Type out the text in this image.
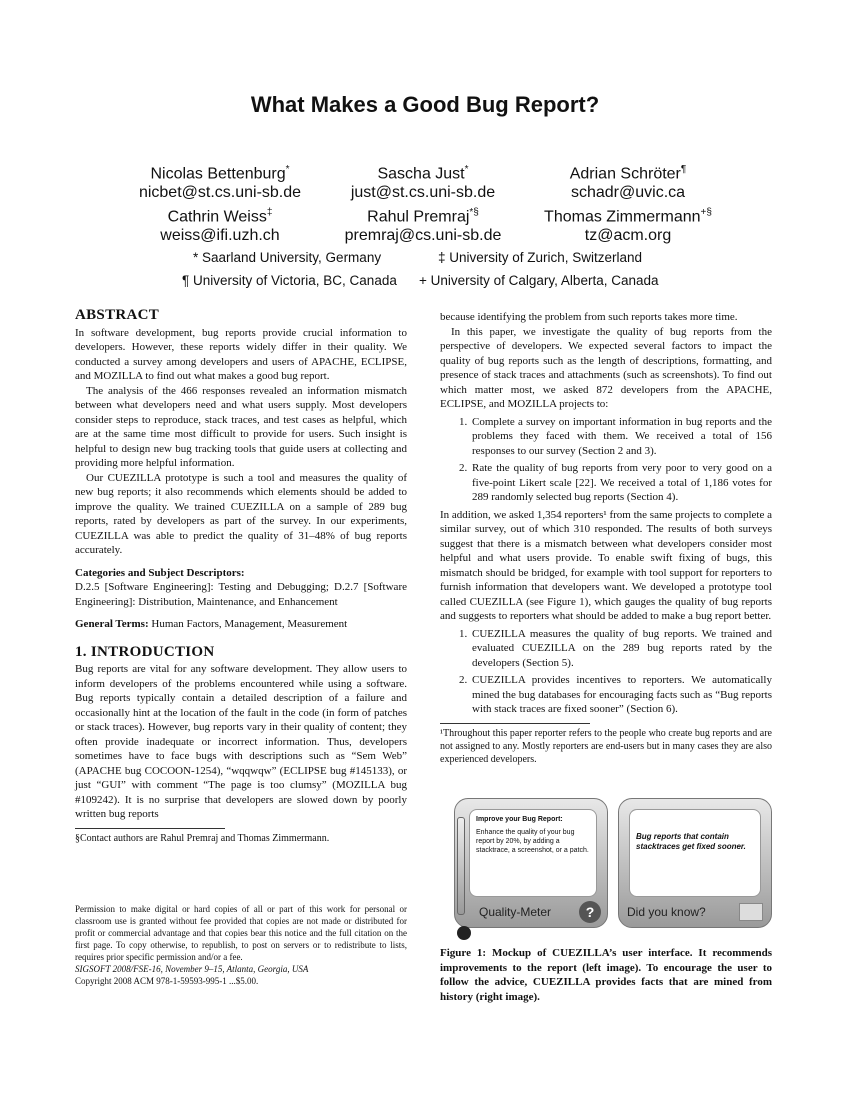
What Makes a Good Bug Report?
Nicolas Bettenburg*
nicbet@st.cs.uni-sb.de
Sascha Just*
just@st.cs.uni-sb.de
Adrian Schröter¶
schadr@uvic.ca
Cathrin Weiss‡
weiss@ifi.uzh.ch
Rahul Premraj*§
premraj@cs.uni-sb.de
Thomas Zimmermann+§
tz@acm.org
* Saarland University, Germany	‡ University of Zurich, Switzerland
¶ University of Victoria, BC, Canada + University of Calgary, Alberta, Canada
ABSTRACT

In software development, bug reports provide crucial information to developers. However, these reports widely differ in their quality. We conducted a survey among developers and users of APACHE, ECLIPSE, and MOZILLA to find out what makes a good bug report.

The analysis of the 466 responses revealed an information mismatch between what developers need and what users supply. Most developers consider steps to reproduce, stack traces, and test cases as helpful, which are at the same time most difficult to provide for users. Such insight is helpful to design new bug tracking tools that guide users at collecting and providing more helpful information.

Our CUEZILLA prototype is such a tool and measures the quality of new bug reports; it also recommends which elements should be added to improve the quality. We trained CUEZILLA on a sample of 289 bug reports, rated by developers as part of the survey. In our experiments, CUEZILLA was able to predict the quality of 31–48% of bug reports accurately.

Categories and Subject Descriptors:

D.2.5 [Software Engineering]: Testing and Debugging; D.2.7 [Software Engineering]: Distribution, Maintenance, and Enhancement

General Terms: Human Factors, Management, Measurement

1. INTRODUCTION

Bug reports are vital for any software development. They allow users to inform developers of the problems encountered while using a software. Bug reports typically contain a detailed description of a failure and occasionally hint at the location of the fault in the code (in form of patches or stack traces). However, bug reports vary in their quality of content; they often provide inadequate or incorrect information. Thus, developers sometimes have to face bugs with descriptions such as “Sem Web” (APACHE bug COCOON-1254), “wqqwqw” (ECLIPSE bug #145133), or just “GUI” with comment “The page is too clumsy” (MOZILLA bug #109242). It is no surprise that developers are slowed down by poorly written bug reports

§Contact authors are Rahul Premraj and Thomas Zimmermann.

Permission to make digital or hard copies of all or part of this work for personal or classroom use is granted without fee provided that copies are not made or distributed for profit or commercial advantage and that copies bear this notice and the full citation on the first page. To copy otherwise, to republish, to post on servers or to redistribute to lists, requires prior specific permission and/or a fee.

SIGSOFT 2008/FSE-16, November 9–15, Atlanta, Georgia, USA

Copyright 2008 ACM 978-1-59593-995-1 ...$5.00.

because identifying the problem from such reports takes more time.

In this paper, we investigate the quality of bug reports from the perspective of developers. We expected several factors to impact the quality of bug reports such as the length of descriptions, formatting, and presence of stack traces and attachments (such as screenshots). To find out which matter most, we asked 872 developers from the APACHE, ECLIPSE, and MOZILLA projects to:

1. Complete a survey on important information in bug reports and the problems they faced with them. We received a total of 156 responses to our survey (Section 2 and 3).
2. Rate the quality of bug reports from very poor to very good on a five-point Likert scale [22]. We received a total of 1,186 votes for 289 randomly selected bug reports (Section 4).

In addition, we asked 1,354 reporters¹ from the same projects to complete a similar survey, out of which 310 responded. The results of both surveys suggest that there is a mismatch between what developers consider most helpful and what users provide. To enable swift fixing of bugs, this mismatch should be bridged, for example with tool support for reporters to furnish information that developers want. We developed a prototype tool called CUEZILLA (see Figure 1), which gauges the quality of bug reports and suggests to reporters what should be added to make a bug report better.

1. CUEZILLA measures the quality of bug reports. We trained and evaluated CUEZILLA on the 289 bug reports rated by the developers (Section 5).
2. CUEZILLA provides incentives to reporters. We automatically mined the bug databases for encouraging facts such as “Bug reports with stack traces are fixed sooner” (Section 6).

¹Throughout this paper reporter refers to the people who create bug reports and are not assigned to any. Mostly reporters are end-users but in many cases they are also experienced developers.

Improve your Bug Report:
Enhance the quality of your bug report by 20%, by adding a stacktrace, a screenshot, or a patch.
Quality-Meter	?
Bug reports that contain stacktraces get fixed sooner.
Did you know?
Figure 1: Mockup of CUEZILLA’s user interface. It recommends improvements to the report (left image). To encourage the user to follow the advice, CUEZILLA provides facts that are mined from history (right image).
